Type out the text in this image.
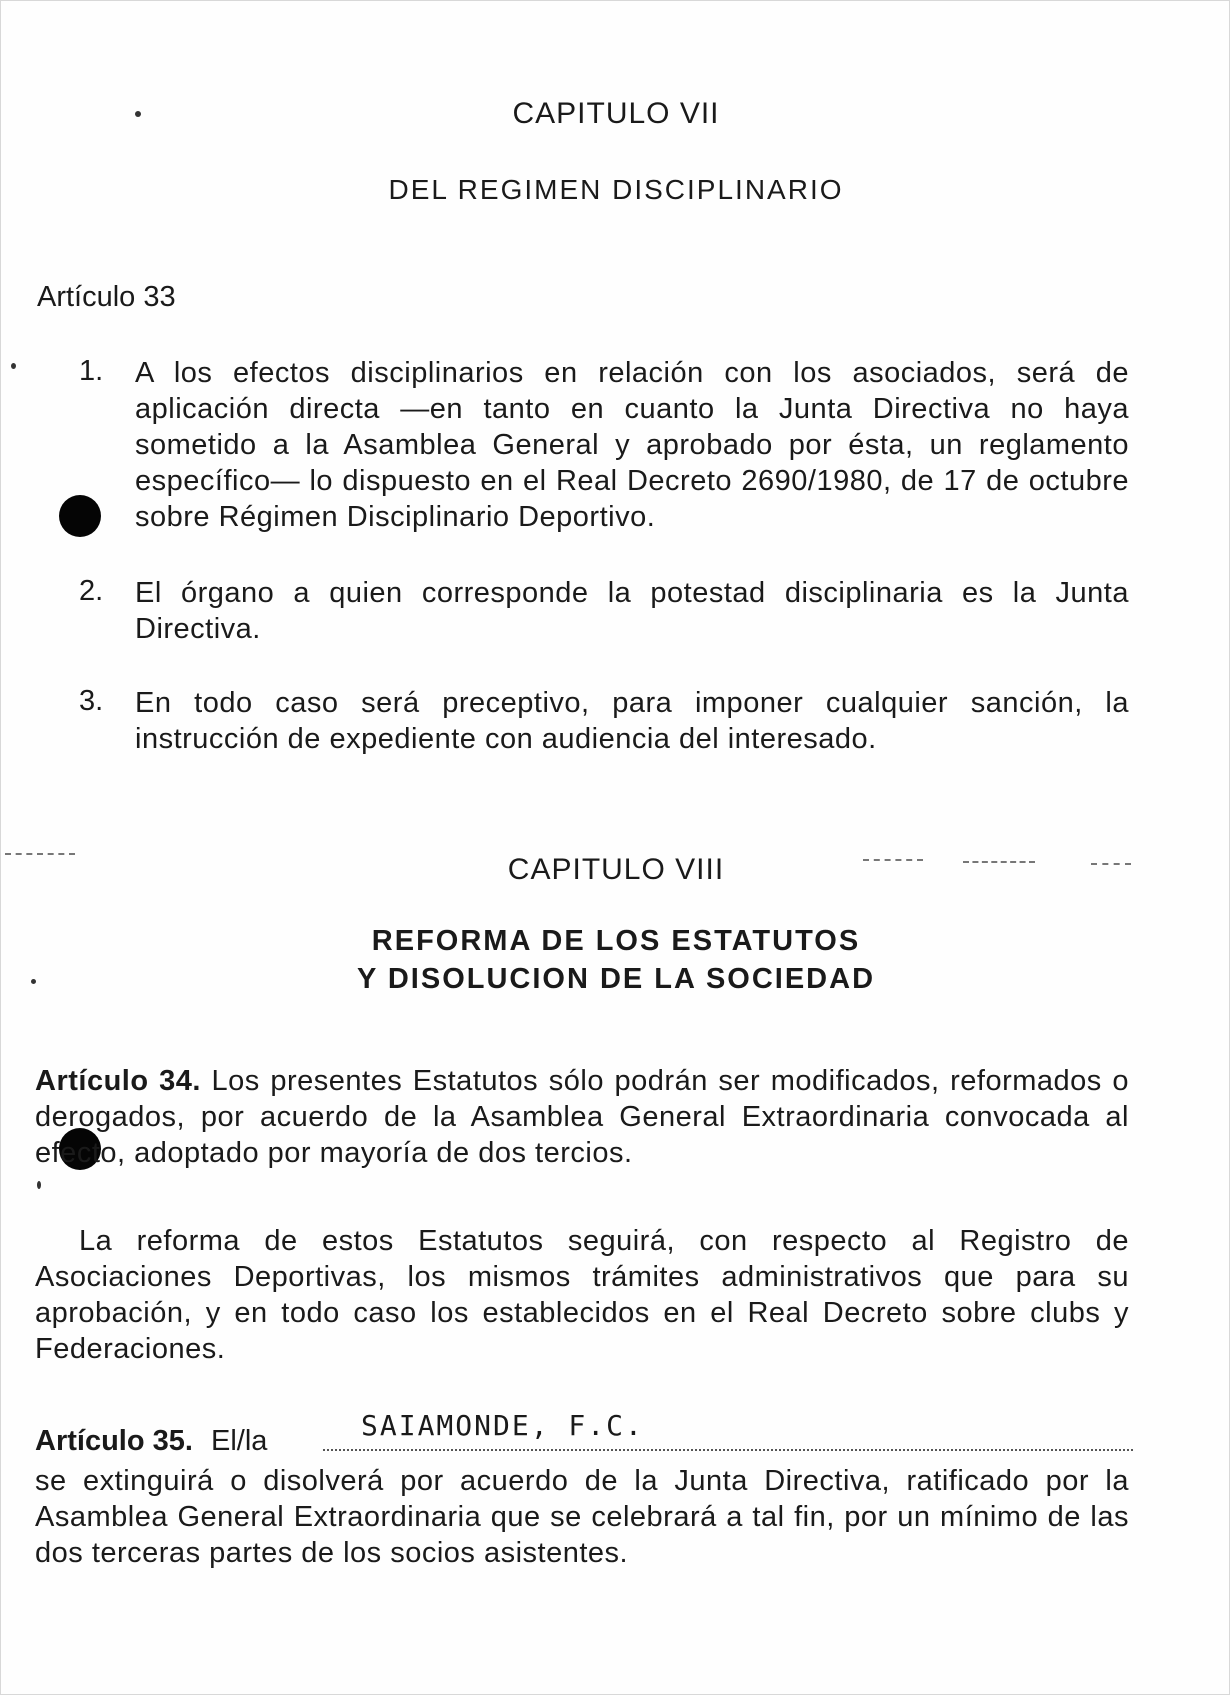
CAPITULO VII
DEL REGIMEN DISCIPLINARIO
Artículo 33
1. A los efectos disciplinarios en relación con los asociados, será de aplicación directa —en tanto en cuanto la Junta Directiva no haya sometido a la Asamblea General y aprobado por ésta, un reglamento específico— lo dispuesto en el Real Decreto 2690/1980, de 17 de octubre sobre Régimen Disciplinario Deportivo.
2. El órgano a quien corresponde la potestad disciplinaria es la Junta Directiva.
3. En todo caso será preceptivo, para imponer cualquier sanción, la instrucción de expediente con audiencia del interesado.
CAPITULO VIII
REFORMA DE LOS ESTATUTOS
Y DISOLUCION DE LA SOCIEDAD
Artículo 34. Los presentes Estatutos sólo podrán ser modificados, reformados o derogados, por acuerdo de la Asamblea General Extraordinaria convocada al efecto, adoptado por mayoría de dos tercios.
La reforma de estos Estatutos seguirá, con respecto al Registro de Asociaciones Deportivas, los mismos trámites administrativos que para su aprobación, y en todo caso los establecidos en el Real Decreto sobre clubs y Federaciones.
Artículo 35. El/la	SAIAMONDE, F.C.
se extinguirá o disolverá por acuerdo de la Junta Directiva, ratificado por la Asamblea General Extraordinaria que se celebrará a tal fin, por un mínimo de las dos terceras partes de los socios asistentes.
